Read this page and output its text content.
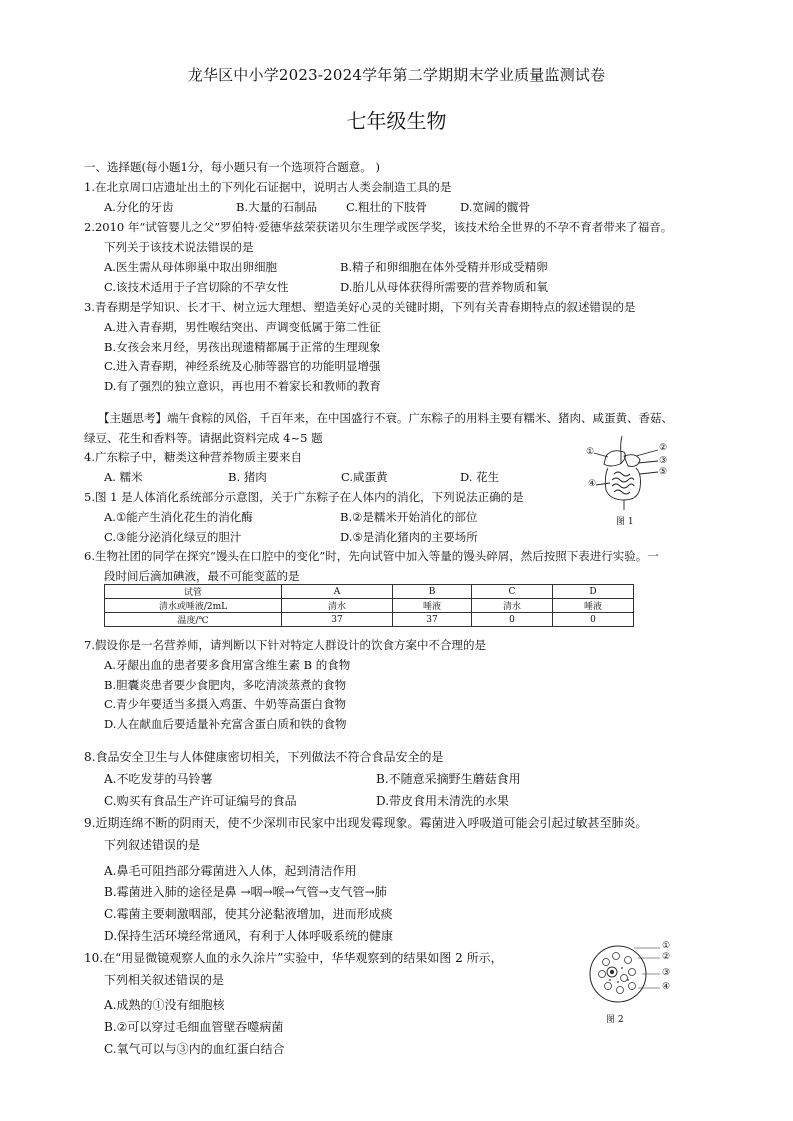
龙华区中小学2023-2024学年第二学期期末学业质量监测试卷
七年级生物
一、选择题(每小题1分，每小题只有一个选项符合题意。 )
1.在北京周口店遗址出土的下列化石证据中，说明古人类会制造工具的是
A.分化的牙齿	B.大量的石制品	C.粗壮的下肢骨	D.宽阔的髋骨
2.2010 年“试管婴儿之父”罗伯特·爱德华兹荣获诺贝尔生理学或医学奖，该技术给全世界的不孕不育者带来了福音。
下列关于该技术说法错误的是
A.医生需从母体卵巢中取出卵细胞	B.精子和卵细胞在体外受精并形成受精卵
C.该技术适用于子宫切除的不孕女性	D.胎儿从母体获得所需要的营养物质和氧
3.青春期是学知识、长才干、树立远大理想、塑造美好心灵的关键时期，下列有关青春期特点的叙述错误的是
A.进入青春期，男性喉结突出、声调变低属于第二性征
B.女孩会来月经，男孩出现遗精都属于正常的生理现象
C.进入青春期，神经系统及心肺等器官的功能明显增强
D.有了强烈的独立意识，再也用不着家长和教师的教育
【主题思考】端午食粽的风俗，千百年来，在中国盛行不衰。广东粽子的用料主要有糯米、猪肉、咸蛋黄、香菇、
绿豆、花生和香料等。请据此资料完成 4~5 题
4.广东粽子中，糖类这种营养物质主要来自
A. 糯米	B. 猪肉	C.咸蛋黄	D. 花生
5.图 1 是人体消化系统部分示意图，关于广东粽子在人体内的消化，下列说法正确的是
A.①能产生消化花生的消化酶	B.②是糯米开始消化的部位
C.③能分泌消化绿豆的胆汁	D.⑤是消化猪肉的主要场所
①	②
③
④
⑤
图 1
6.生物社团的同学在探究“馒头在口腔中的变化”时，先向试管中加入等量的馒头碎屑，然后按照下表进行实验。一
段时间后滴加碘液，最不可能变蓝的是
试管	A	B	C	D
清水或唾液/2mL	清水	唾液	清水	唾液
温度/℃	37	37	0	0
7.假设你是一名营养师，请判断以下针对特定人群设计的饮食方案中不合理的是
A.牙龈出血的患者要多食用富含维生素 B 的食物
B.胆囊炎患者要少食肥肉，多吃清淡蒸煮的食物
C.青少年要适当多摄入鸡蛋、牛奶等高蛋白食物
D.人在献血后要适量补充富含蛋白质和铁的食物
8.食品安全卫生与人体健康密切相关，下列做法不符合食品安全的是
A.不吃发芽的马铃薯	B.不随意采摘野生蘑菇食用
C.购买有食品生产许可证编号的食品	D.带皮食用未清洗的水果
9.近期连绵不断的阴雨天，使不少深圳市民家中出现发霉现象。霉菌进入呼吸道可能会引起过敏甚至肺炎。
下列叙述错误的是
A.鼻毛可阻挡部分霉菌进入人体，起到清洁作用
B.霉菌进入肺的途径是鼻 →咽→喉→气管→支气管→肺
C.霉菌主要刺激咽部，使其分泌黏液增加，进而形成痰
D.保持生活环境经常通风，有利于人体呼吸系统的健康
10.在“用显微镜观察人血的永久涂片”实验中，华华观察到的结果如图 2 所示，
下列相关叙述错误的是
A.成熟的①没有细胞核
B.②可以穿过毛细血管壁吞噬病菌
C.氧气可以与③内的血红蛋白结合
①
②
③
④
图 2
